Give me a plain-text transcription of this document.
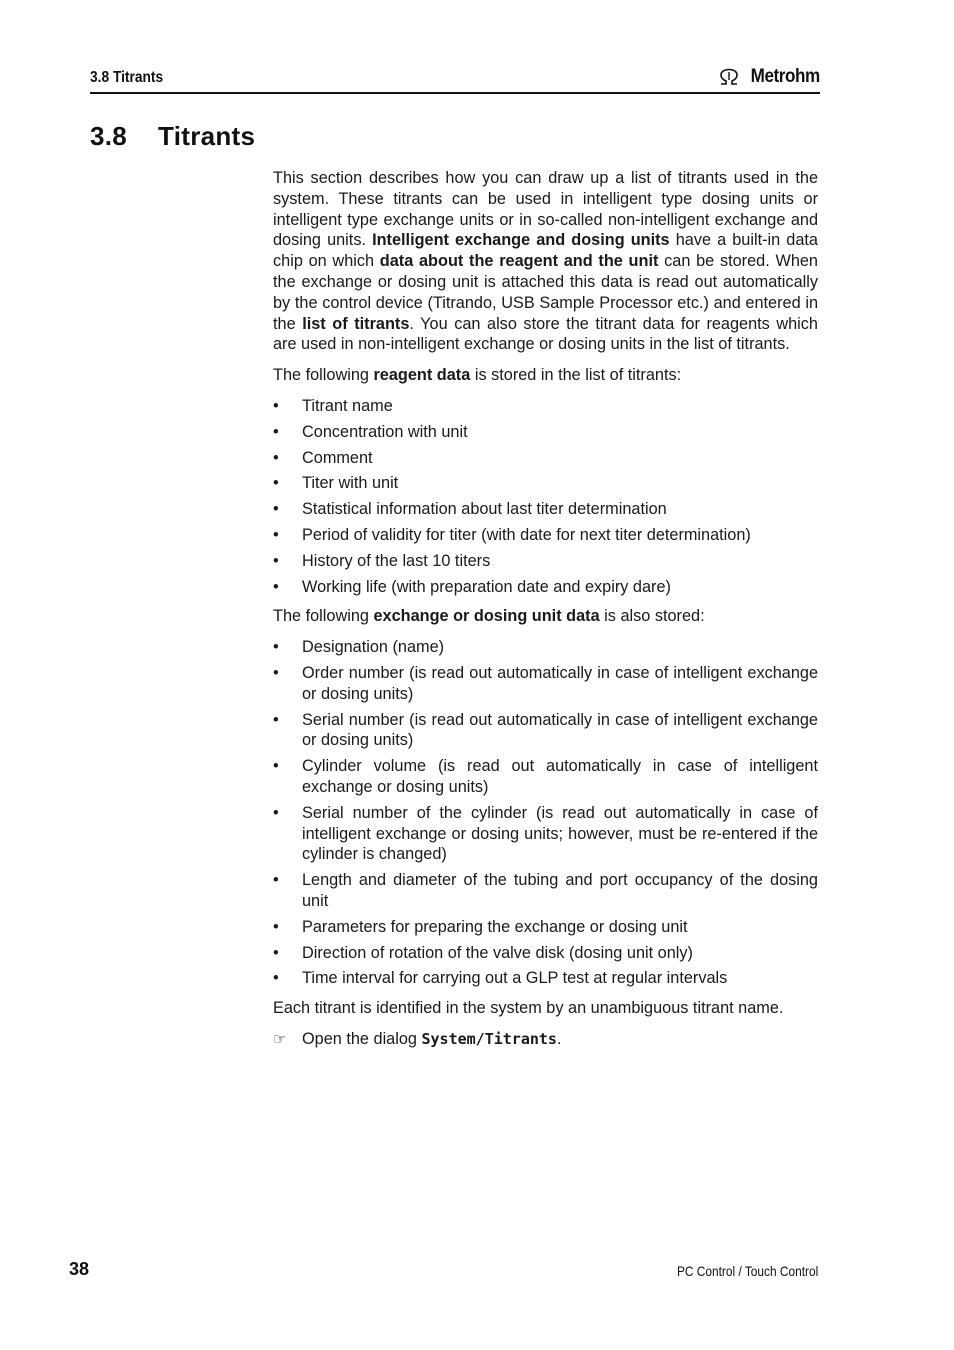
3.8 Titrants	Metrohm
3.8 Titrants

This section describes how you can draw up a list of titrants used in the system. These titrants can be used in intelligent type dosing units or intelligent type exchange units or in so-called non-intelligent exchange and dosing units. Intelligent exchange and dosing units have a built-in data chip on which data about the reagent and the unit can be stored. When the exchange or dosing unit is attached this data is read out automatically by the control device (Titrando, USB Sample Processor etc.) and entered in the list of titrants. You can also store the titrant data for reagents which are used in non-intelligent exchange or dosing units in the list of titrants.

The following reagent data is stored in the list of titrants:

• Titrant name
• Concentration with unit
• Comment
• Titer with unit
• Statistical information about last titer determination
• Period of validity for titer (with date for next titer determination)
• History of the last 10 titers
• Working life (with preparation date and expiry dare)

The following exchange or dosing unit data is also stored:

• Designation (name)
• Order number (is read out automatically in case of intelligent exchange or dosing units)
• Serial number (is read out automatically in case of intelligent exchange or dosing units)
• Cylinder volume (is read out automatically in case of intelligent exchange or dosing units)
• Serial number of the cylinder (is read out automatically in case of intelligent exchange or dosing units; however, must be re-entered if the cylinder is changed)
• Length and diameter of the tubing and port occupancy of the dosing unit
• Parameters for preparing the exchange or dosing unit
• Direction of rotation of the valve disk (dosing unit only)
• Time interval for carrying out a GLP test at regular intervals

Each titrant is identified in the system by an unambiguous titrant name.

☞ Open the dialog System/Titrants.

38	PC Control / Touch Control
